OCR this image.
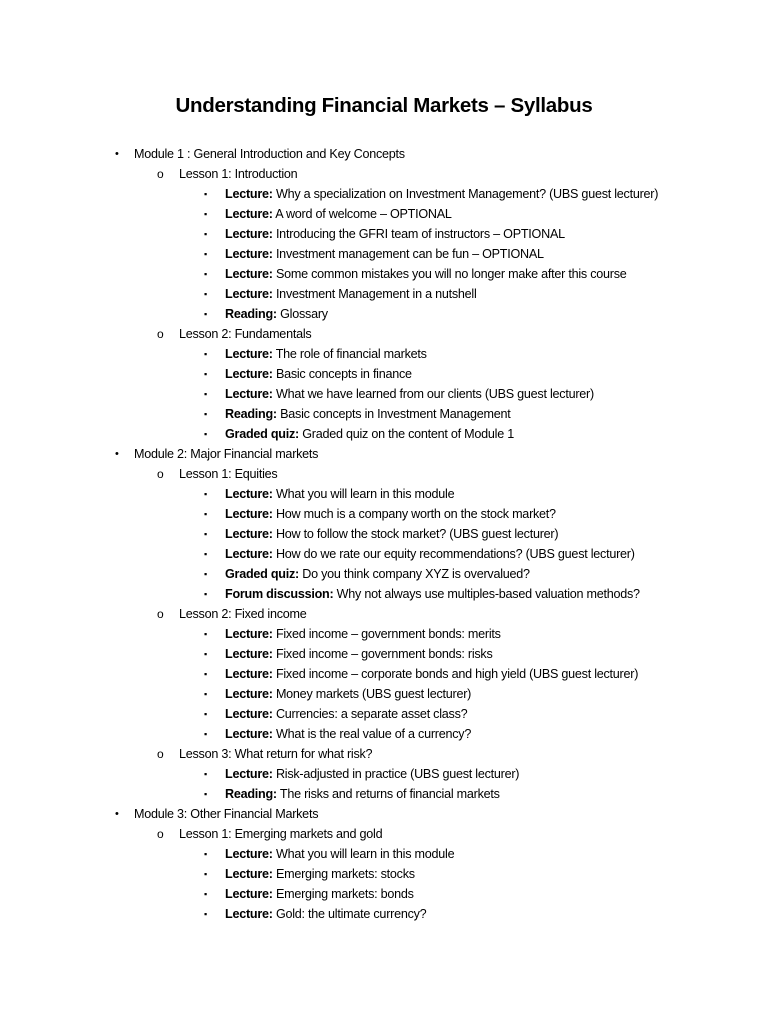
Understanding Financial Markets – Syllabus
• Module 1 : General Introduction and Key Concepts
o Lesson 1: Introduction
▪ Lecture: Why a specialization on Investment Management? (UBS guest lecturer)
▪ Lecture: A word of welcome – OPTIONAL
▪ Lecture: Introducing the GFRI team of instructors – OPTIONAL
▪ Lecture: Investment management can be fun – OPTIONAL
▪ Lecture: Some common mistakes you will no longer make after this course
▪ Lecture: Investment Management in a nutshell
▪ Reading: Glossary
o Lesson 2: Fundamentals
▪ Lecture: The role of financial markets
▪ Lecture: Basic concepts in finance
▪ Lecture: What we have learned from our clients (UBS guest lecturer)
▪ Reading: Basic concepts in Investment Management
▪ Graded quiz: Graded quiz on the content of Module 1
• Module 2: Major Financial markets
o Lesson 1: Equities
▪ Lecture: What you will learn in this module
▪ Lecture: How much is a company worth on the stock market?
▪ Lecture: How to follow the stock market? (UBS guest lecturer)
▪ Lecture: How do we rate our equity recommendations? (UBS guest lecturer)
▪ Graded quiz: Do you think company XYZ is overvalued?
▪ Forum discussion: Why not always use multiples-based valuation methods?
o Lesson 2: Fixed income
▪ Lecture: Fixed income – government bonds: merits
▪ Lecture: Fixed income – government bonds: risks
▪ Lecture: Fixed income – corporate bonds and high yield (UBS guest lecturer)
▪ Lecture: Money markets (UBS guest lecturer)
▪ Lecture: Currencies: a separate asset class?
▪ Lecture: What is the real value of a currency?
o Lesson 3: What return for what risk?
▪ Lecture: Risk-adjusted in practice (UBS guest lecturer)
▪ Reading: The risks and returns of financial markets
• Module 3: Other Financial Markets
o Lesson 1: Emerging markets and gold
▪ Lecture: What you will learn in this module
▪ Lecture: Emerging markets: stocks
▪ Lecture: Emerging markets: bonds
▪ Lecture: Gold: the ultimate currency?
